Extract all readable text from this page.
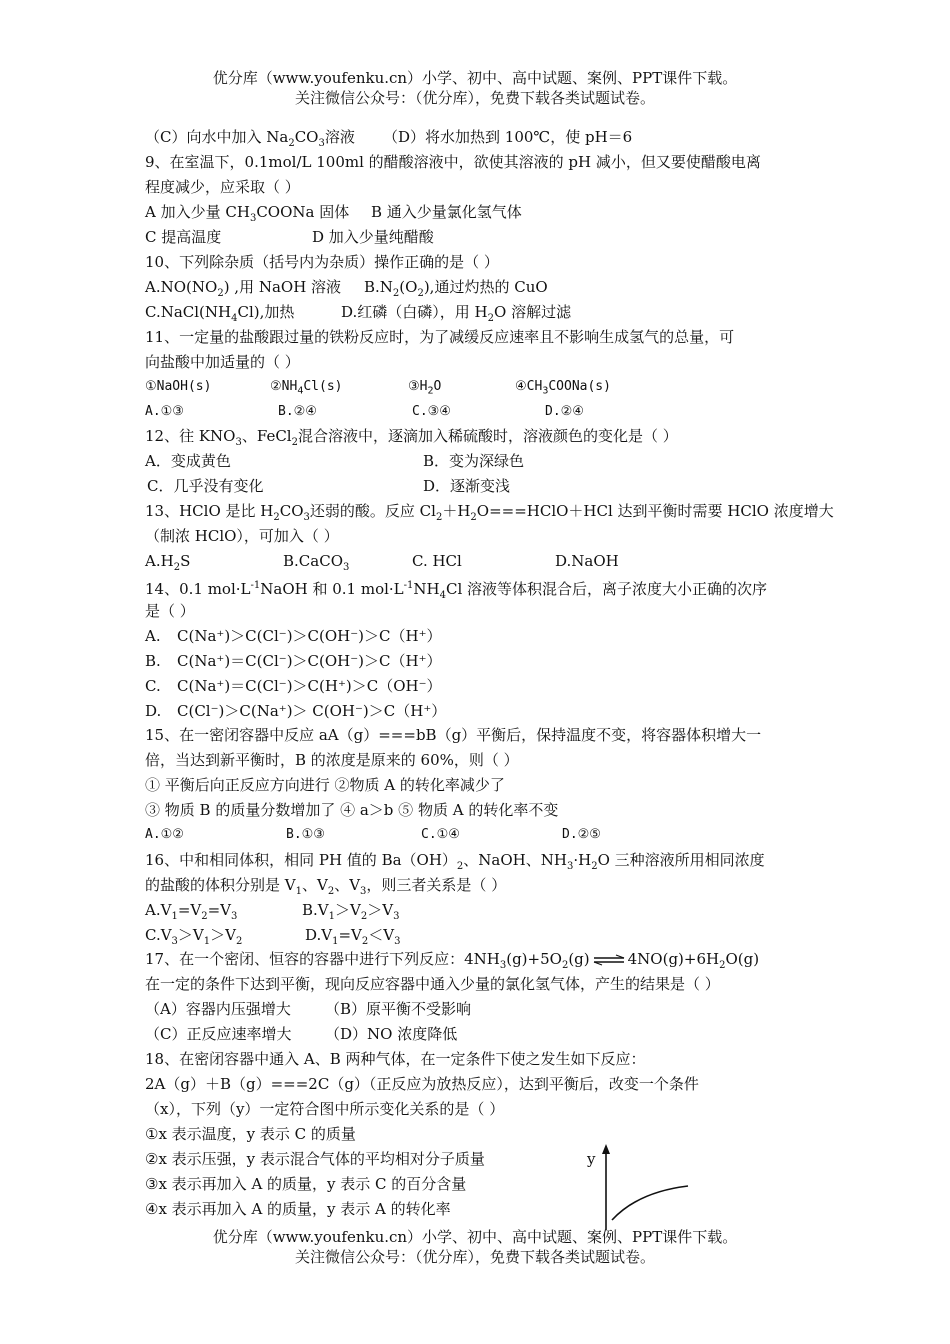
优分库（www.youfenku.cn）小学、初中、高中试题、案例、PPT课件下载。
关注微信公众号：（优分库），免费下载各类试题试卷。
（C）向水中加入 $Na_2CO_3$溶液 （D）将水加热到 100℃，使 pH＝6
9、在室温下，0.1mol/L 100ml 的醋酸溶液中，欲使其溶液的 pH 减小，但又要使醋酸电离
程度减少，应采取（ ）
A 加入少量 $CH_3COONa$ 固体 B 通入少量氯化氢气体
C 提高温度	D 加入少量纯醋酸
10、下列除杂质（括号内为杂质）操作正确的是（ ）
$A.NO(NO_2)$ ,用 NaOH 溶液 $B.N_2(O_2)$,通过灼热的 CuO
$C.NaCl(NH_4Cl)$,加热	D.红磷（白磷），用 $H_2O$ 溶解过滤
11、一定量的盐酸跟过量的铁粉反应时，为了减缓反应速率且不影响生成氢气的总量，可
向盐酸中加适量的（ ）
①NaOH(s)	$②NH_4Cl(s)$	$③H_2O$	$④CH_3COONa(s)$
A.①③	B.②④	C.③④	D.②④
12、往 $KNO_3$、FeCl$_2$混合溶液中，逐滴加入稀硫酸时，溶液颜色的变化是（ ）
A．变成黄色	B．变为深绿色
C．几乎没有变化	D．逐渐变浅
13、HClO 是比 $H_2CO_3$还弱的酸。反应 $Cl_2+H_2O===HClO+HCl$ 达到平衡时需要 HClO 浓度增大
（制浓 HClO），可加入（ ）
$A.H_2S$	B.CaCO$_3$	C. HCl	D.NaOH
14、0.1 $mol\cdot L^{-1}NaOH$ 和 0.1 $mol\cdot L^{-1}NH_4Cl$ 溶液等体积混合后，离子浓度大小正确的次序
是（ ）
A. C(Na⁺)＞C(Cl⁻)＞C(OH⁻)＞C（H⁺）
B. C(Na⁺)＝C(Cl⁻)＞C(OH⁻)＞C（H⁺）
C. C(Na⁺)＝C(Cl⁻)＞C(H⁺)＞C（OH⁻）
D. C(Cl⁻)＞C(Na⁺)＞ C(OH⁻)＞C（H⁺）
15、在一密闭容器中反应 aA（g）===bB（g）平衡后，保持温度不变，将容器体积增大一
倍，当达到新平衡时，B 的浓度是原来的 60%，则（ ）
① 平衡后向正反应方向进行 ②物质 A 的转化率减少了
③ 物质 B 的质量分数增加了 ④ a＞b ⑤ 物质 A 的转化率不变
A.①②	B.①③	C.①④	D.②⑤
16、中和相同体积，相同 PH 值的 $Ba(OH)_2$、NaOH、$NH_3\cdot H_2O$ 三种溶液所用相同浓度
的盐酸的体积分别是 $V_1$、$V_2$、$V_3$，则三者关系是（ ）
$A.V_1=V_2=V_3$	$B.V_1>V_2>V_3$
$C.V_3>V_1>V_2$	$D.V_1=V_2<V_3$
17、在一个密闭、恒容的容器中进行下列反应：$4NH_3(g)+5O_2(g)$ ⇌ $4NO(g)+6H_2O(g)$
在一定的条件下达到平衡，现向反应容器中通入少量的氯化氢气体，产生的结果是（ ）
（A）容器内压强增大 （B）原平衡不受影响
（C）正反应速率增大 （D）NO 浓度降低
18、在密闭容器中通入 A、B 两种气体，在一定条件下使之发生如下反应：
2A（g）＋B（g）===2C（g）（正反应为放热反应），达到平衡后，改变一个条件
（x），下列（y）一定符合图中所示变化关系的是（ ）
①x 表示温度，y 表示 C 的质量
②x 表示压强，y 表示混合气体的平均相对分子质量
③x 表示再加入 A 的质量，y 表示 C 的百分含量
④x 表示再加入 A 的质量，y 表示 A 的转化率
y
优分库（www.youfenku.cn）小学、初中、高中试题、案例、PPT课件下载。
关注微信公众号：（优分库），免费下载各类试题试卷。
